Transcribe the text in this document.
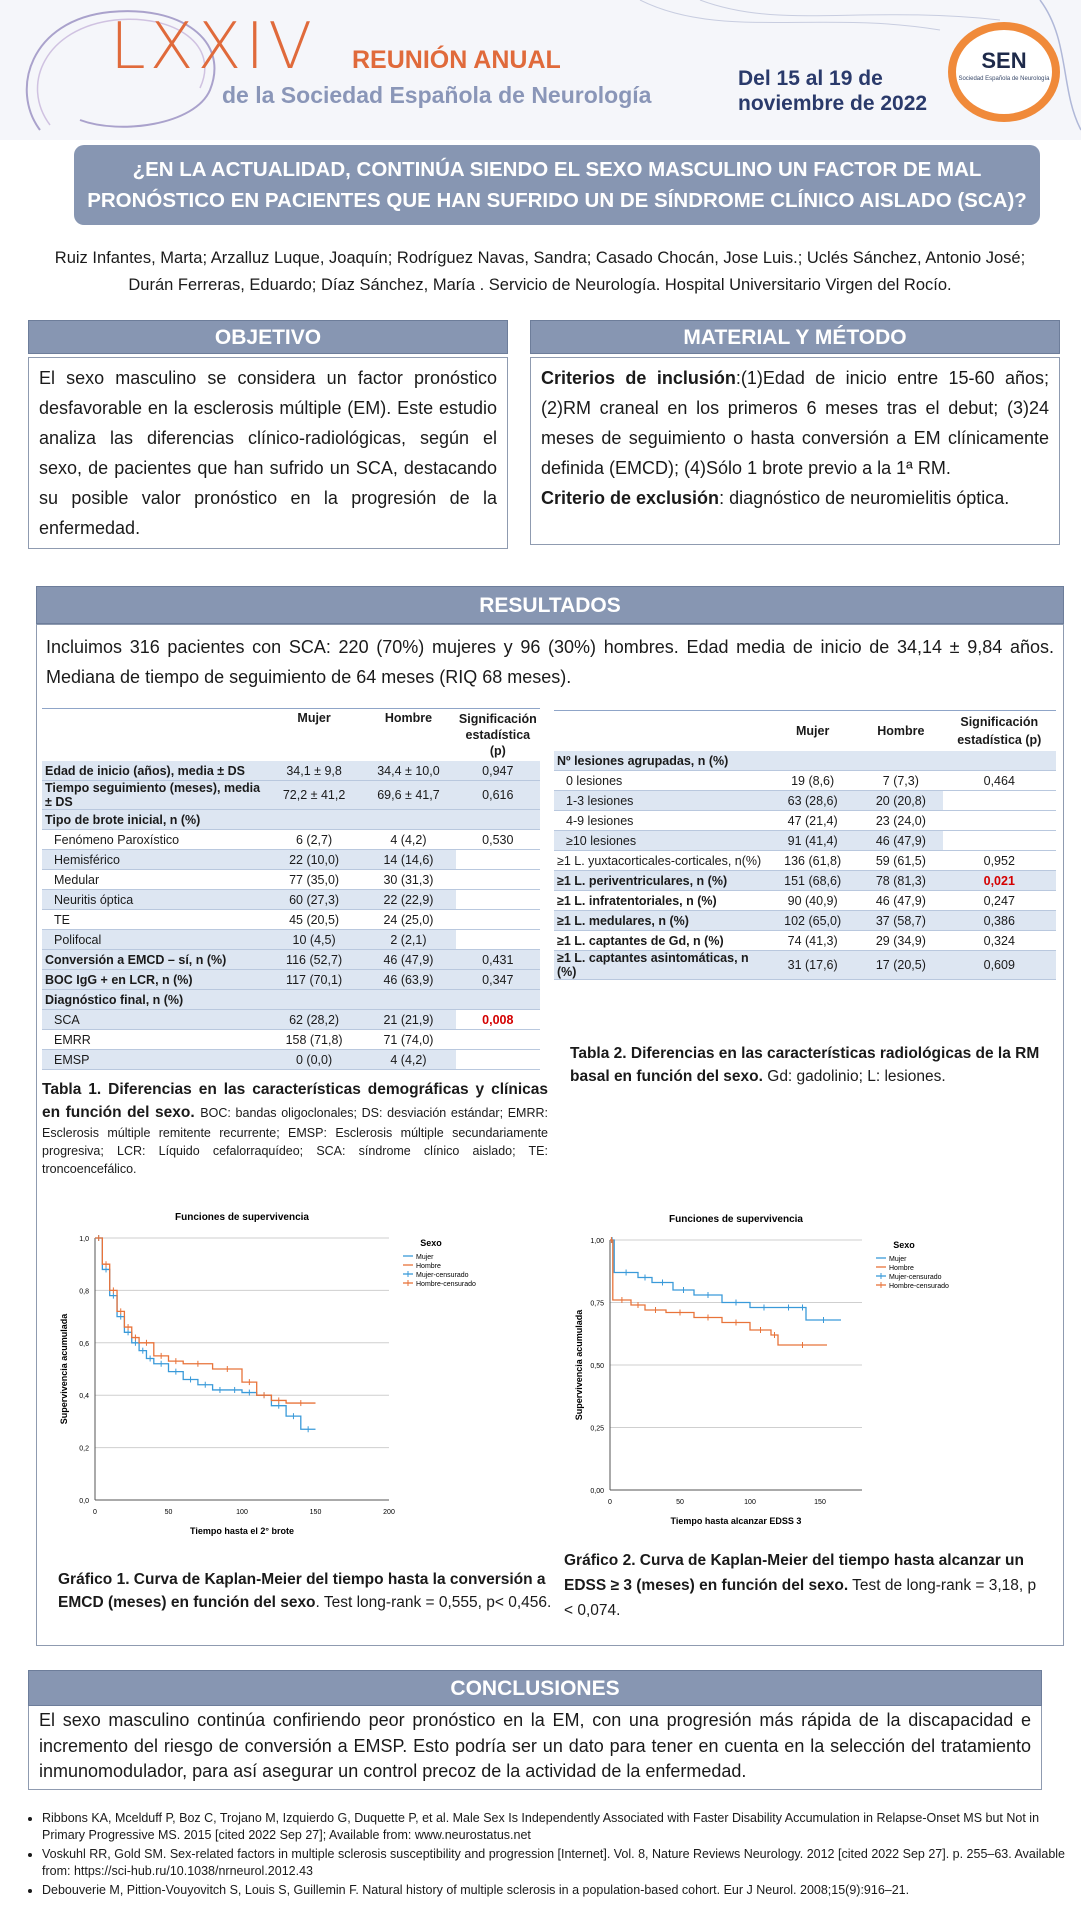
LXXIV REUNIÓN ANUAL
de la Sociedad Española de Neurología
Del 15 al 19 de
noviembre de 2022
SEN
Sociedad Española de Neurología
¿EN LA ACTUALIDAD, CONTINÚA SIENDO EL SEXO MASCULINO UN FACTOR DE MAL
PRONÓSTICO EN PACIENTES QUE HAN SUFRIDO UN DE SÍNDROME CLÍNICO AISLADO (SCA)?
Ruiz Infantes, Marta; Arzalluz Luque, Joaquín; Rodríguez Navas, Sandra; Casado Chocán, Jose Luis.; Uclés Sánchez, Antonio José;
Durán Ferreras, Eduardo; Díaz Sánchez, María . Servicio de Neurología. Hospital Universitario Virgen del Rocío.
OBJETIVO
El sexo masculino se considera un factor pronóstico desfavorable en la esclerosis múltiple (EM). Este estudio analiza las diferencias clínico-radiológicas, según el sexo, de pacientes que han sufrido un SCA, destacando su posible valor pronóstico en la progresión de la enfermedad.
MATERIAL Y MÉTODO
Criterios de inclusión:(1)Edad de inicio entre 15-60 años; (2)RM craneal en los primeros 6 meses tras el debut; (3)24 meses de seguimiento o hasta conversión a EM clínicamente definida (EMCD); (4)Sólo 1 brote previo a la 1ª RM.
Criterio de exclusión: diagnóstico de neuromielitis óptica.
RESULTADOS
Incluimos 316 pacientes con SCA: 220 (70%) mujeres y 96 (30%) hombres. Edad media de inicio de 34,14 ± 9,84 años. Mediana de tiempo de seguimiento de 64 meses (RIQ 68 meses).
	Mujer	Hombre	Significación estadística (p)
Edad de inicio (años), media ± DS	34,1 ± 9,8	34,4 ± 10,0	0,947
Tiempo seguimiento (meses), media ± DS	72,2 ± 41,2	69,6 ± 41,7	0,616
Tipo de brote inicial, n (%)			
Fenómeno Paroxístico	6 (2,7)	4 (4,2)	0,530
Hemisférico	22 (10,0)	14 (14,6)	
Medular	77 (35,0)	30 (31,3)	
Neuritis óptica	60 (27,3)	22 (22,9)	
TE	45 (20,5)	24 (25,0)	
Polifocal	10 (4,5)	2 (2,1)	
Conversión a EMCD – sí, n (%)	116 (52,7)	46 (47,9)	0,431
BOC IgG + en LCR, n (%)	117 (70,1)	46 (63,9)	0,347
Diagnóstico final, n (%)			
SCA	62 (28,2)	21 (21,9)	0,008
EMRR	158 (71,8)	71 (74,0)	
EMSP	0 (0,0)	4 (4,2)	
	Mujer	Hombre	Significación estadística (p)
Nº lesiones agrupadas, n (%)			
0 lesiones	19 (8,6)	7 (7,3)	0,464
1-3 lesiones	63 (28,6)	20 (20,8)	
4-9 lesiones	47 (21,4)	23 (24,0)	
≥10 lesiones	91 (41,4)	46 (47,9)	
≥1 L. yuxtacorticales-corticales, n(%)	136 (61,8)	59 (61,5)	0,952
≥1 L. periventriculares, n (%)	151 (68,6)	78 (81,3)	0,021
≥1 L. infratentoriales, n (%)	90 (40,9)	46 (47,9)	0,247
≥1 L. medulares, n (%)	102 (65,0)	37 (58,7)	0,386
≥1 L. captantes de Gd, n (%)	74 (41,3)	29 (34,9)	0,324
≥1 L. captantes asintomáticas, n (%)	31 (17,6)	17 (20,5)	0,609
Tabla 1. Diferencias en las características demográficas y clínicas en función del sexo. BOC: bandas oligoclonales; DS: desviación estándar; EMRR: Esclerosis múltiple remitente recurrente; EMSP: Esclerosis múltiple secundariamente progresiva; LCR: Líquido cefalorraquídeo; SCA: síndrome clínico aislado; TE: troncoencefálico.
Tabla 2. Diferencias en las características radiológicas de la RM basal en función del sexo. Gd: gadolinio; L: lesiones.
Funciones de supervivencia
0,0
0,2
0,4
0,6
0,8
1,0
0	50	100	150	200
Tiempo hasta el 2° brote
Supervivencia acumulada
Sexo
Mujer
Hombre
Mujer-censurado
Hombre-censurado
Funciones de supervivencia
0,00
0,25
0,50
0,75
1,00
0	50	100	150
Tiempo hasta alcanzar EDSS 3
Supervivencia acumulada
Sexo
Mujer
Hombre
Mujer-censurado
Hombre-censurado
Gráfico 1. Curva de Kaplan-Meier del tiempo hasta la conversión a EMCD (meses) en función del sexo. Test long-rank = 0,555, p< 0,456.
Gráfico 2. Curva de Kaplan-Meier del tiempo hasta alcanzar un EDSS ≥ 3 (meses) en función del sexo. Test de long-rank = 3,18, p < 0,074.
CONCLUSIONES
El sexo masculino continúa confiriendo peor pronóstico en la EM, con una progresión más rápida de la discapacidad e incremento del riesgo de conversión a EMSP. Esto podría ser un dato para tener en cuenta en la selección del tratamiento inmunomodulador, para así asegurar un control precoz de la actividad de la enfermedad.
• Ribbons KA, Mcelduff P, Boz C, Trojano M, Izquierdo G, Duquette P, et al. Male Sex Is Independently Associated with Faster Disability Accumulation in Relapse-Onset MS but Not in Primary Progressive MS. 2015 [cited 2022 Sep 27]; Available from: www.neurostatus.net
• Voskuhl RR, Gold SM. Sex-related factors in multiple sclerosis susceptibility and progression [Internet]. Vol. 8, Nature Reviews Neurology. 2012 [cited 2022 Sep 27]. p. 255–63. Available from: https://sci-hub.ru/10.1038/nrneurol.2012.43
• Debouverie M, Pittion-Vouyovitch S, Louis S, Guillemin F. Natural history of multiple sclerosis in a population-based cohort. Eur J Neurol. 2008;15(9):916–21.
